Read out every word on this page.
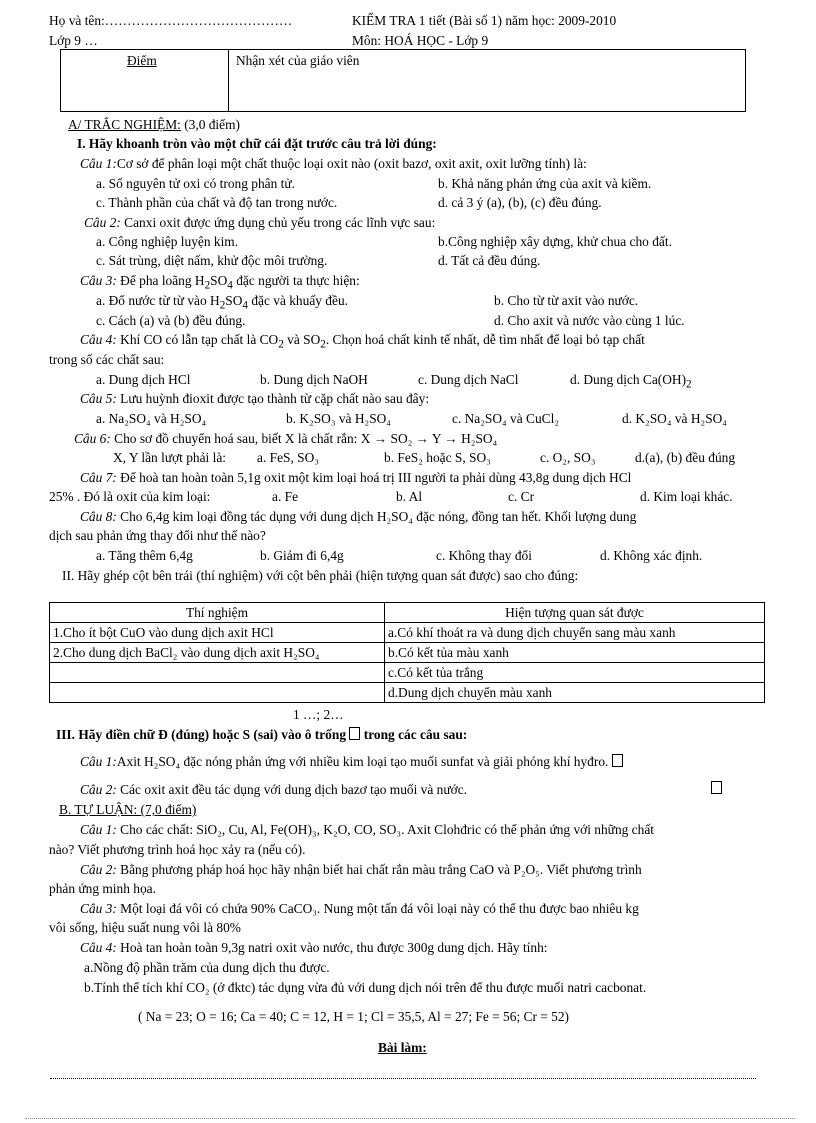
Họ và tên:……………………………………	KIỂM TRA 1 tiết (Bài số 1) năm học: 2009-2010
Lớp 9 …	Môn: HOÁ HỌC - Lớp 9
Điểm	Nhận xét của giáo viên
A/ TRẮC NGHIỆM: (3,0 điểm)
I. Hãy khoanh tròn vào một chữ cái đặt trước câu trả lời đúng:
Câu 1:Cơ sở để phân loại một chất thuộc loại oxit nào (oxit bazơ, oxit axit, oxit lưỡng tính) là:
a. Số nguyên tử oxi có trong phân tử.	b. Khả năng phản ứng của axit và kiềm.
c. Thành phần của chất và độ tan trong nước.	d. cả 3 ý (a), (b), (c) đều đúng.
Câu 2: Canxi oxit được ứng dụng chủ yếu trong các lĩnh vực sau:
a. Công nghiệp luyện kim.	b.Công nghiệp xây dựng, khử chua cho đất.
c. Sát trùng, diệt nấm, khử độc môi trường.	d. Tất cả đều đúng.
Câu 3: Để pha loãng $H_2SO_4$ đặc người ta thực hiện:
a. Đổ nước từ từ vào $H_2SO_4$ đặc và khuấy đều.	b. Cho từ từ axit vào nước.
c. Cách (a) và (b) đều đúng.	d. Cho axit và nước vào cùng 1 lúc.
Câu 4: Khí CO có lẫn tạp chất là $CO_2$ và $SO_2$. Chọn hoá chất kinh tế nhất, dễ tìm nhất để loại bỏ tạp chất
trong số các chất sau:
a. Dung dịch HCl	b. Dung dịch NaOH	c. Dung dịch NaCl	d. Dung dịch $Ca(OH)_2$
Câu 5: Lưu huỳnh đioxit được tạo thành từ cặp chất nào sau đây:
a. Na₂SO₄ và H₂SO₄	b. K₂SO₃ và H₂SO₄	c. Na₂SO₄ và CuCl₂	d. K₂SO₄ và H₂SO₄
Câu 6: Cho sơ đồ chuyển hoá sau, biết X là chất rắn: X → SO₂ → Y → H₂SO₄
X, Y lần lượt phải là: a. FeS, SO₃	b. FeS₂ hoặc S, SO₃	c. O₂, SO₃	d.(a), (b) đều đúng
Câu 7: Để hoà tan hoàn toàn 5,1g oxit một kim loại hoá trị III người ta phải dùng 43,8g dung dịch HCl
25% . Đó là oxit của kim loại:	a. Fe	b. Al	c. Cr	d. Kim loại khác.
Câu 8: Cho 6,4g kim loại đồng tác dụng với dung dịch H₂SO₄ đặc nóng, đồng tan hết. Khối lượng dung
dịch sau phản ứng thay đổi như thế nào?
a. Tăng thêm 6,4g	b. Giảm đi 6,4g	c. Không thay đổi	d. Không xác định.
II. Hãy ghép cột bên trái (thí nghiệm) với cột bên phải (hiện tượng quan sát được) sao cho đúng:
Thí nghiệm	Hiện tượng quan sát được
1.Cho ít bột CuO vào dung dịch axit HCl	a.Có khí thoát ra và dung dịch chuyển sang màu xanh
2.Cho dung dịch BaCl₂ vào dung dịch axit H₂SO₄	b.Có kết tủa màu xanh
	c.Có kết tủa trắng
	d.Dung dịch chuyển màu xanh
1 …; 2…
III. Hãy điền chữ Đ (đúng) hoặc S (sai) vào ô trống  trong các câu sau:
Câu 1:Axit H₂SO₄ đặc nóng phản ứng với nhiều kim loại tạo muối sunfat và giải phóng khí hyđro.
Câu 2: Các oxit axit đều tác dụng với dung dịch bazơ tạo muối và nước.
B. TỰ LUẬN: (7,0 điểm)
Câu 1: Cho các chất: SiO₂, Cu, Al, Fe(OH)₃, K₂O, CO, SO₃. Axit Clohđric có thể phản ứng với những chất
nào? Viết phương trình hoá học xảy ra (nếu có).
Câu 2: Bằng phương pháp hoá học hãy nhận biết hai chất rắn màu trắng CaO và P₂O₅. Viết phương trình
phản ứng minh họa.
Câu 3: Một loại đá vôi có chứa 90% CaCO₃. Nung một tấn đá vôi loại này có thể thu được bao nhiêu kg
vôi sống, hiệu suất nung vôi là 80%
Câu 4: Hoà tan hoàn toàn 9,3g natri oxit vào nước, thu được 300g dung dịch. Hãy tính:
a.Nồng độ phần trăm của dung dịch thu được.
b.Tính thể tích khí CO₂ (ở đktc) tác dụng vừa đủ với dung dịch nói trên để thu được muối natri cacbonat.
( Na = 23; O = 16; Ca = 40; C = 12, H = 1; Cl = 35,5, Al = 27; Fe = 56; Cr = 52)
Bài làm:
